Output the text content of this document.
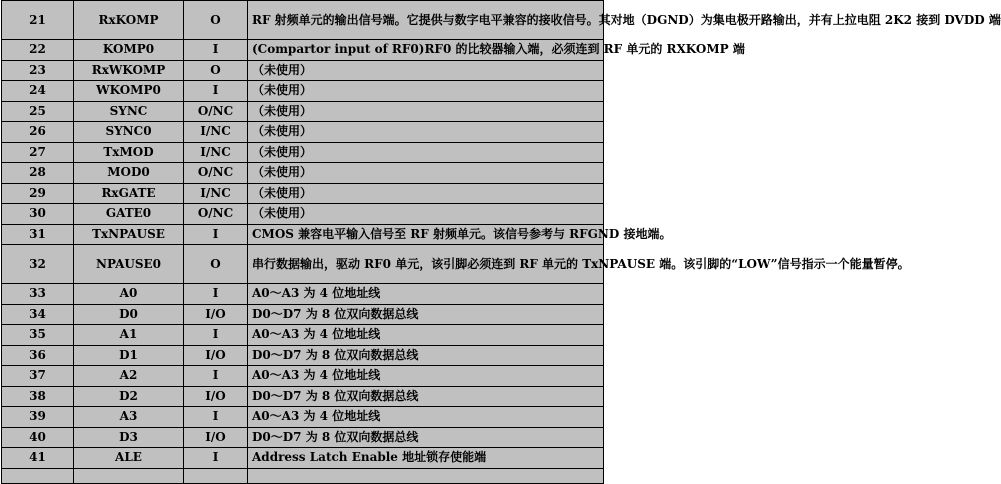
21	RxKOMP	O	RF 射频单元的输出信号端。它提供与数字电平兼容的接收信号。其对地（DGND）为集电极开路输出，并有上拉电阻 2K2 接到 DVDD 端
22	KOMP0	I	(Compartor input of RF0)RF0 的比较器输入端，必须连到 RF 单元的 RXKOMP 端
23	RxWKOMP	O	（未使用）
24	WKOMP0	I	（未使用）
25	SYNC	O/NC	（未使用）
26	SYNC0	I/NC	（未使用）
27	TxMOD	I/NC	（未使用）
28	MOD0	O/NC	（未使用）
29	RxGATE	I/NC	（未使用）
30	GATE0	O/NC	（未使用）
31	TxNPAUSE	I	CMOS 兼容电平输入信号至 RF 射频单元。该信号参考与 RFGND 接地端。
32	NPAUSE0	O	串行数据输出，驱动 RF0 单元，该引脚必须连到 RF 单元的 TxNPAUSE 端。该引脚的“LOW”信号指示一个能量暂停。
33	A0	I	A0～A3 为 4 位地址线
34	D0	I/O	D0～D7 为 8 位双向数据总线
35	A1	I	A0～A3 为 4 位地址线
36	D1	I/O	D0～D7 为 8 位双向数据总线
37	A2	I	A0～A3 为 4 位地址线
38	D2	I/O	D0～D7 为 8 位双向数据总线
39	A3	I	A0～A3 为 4 位地址线
40	D3	I/O	D0～D7 为 8 位双向数据总线
41	ALE	I	Address Latch Enable 地址锁存使能端
